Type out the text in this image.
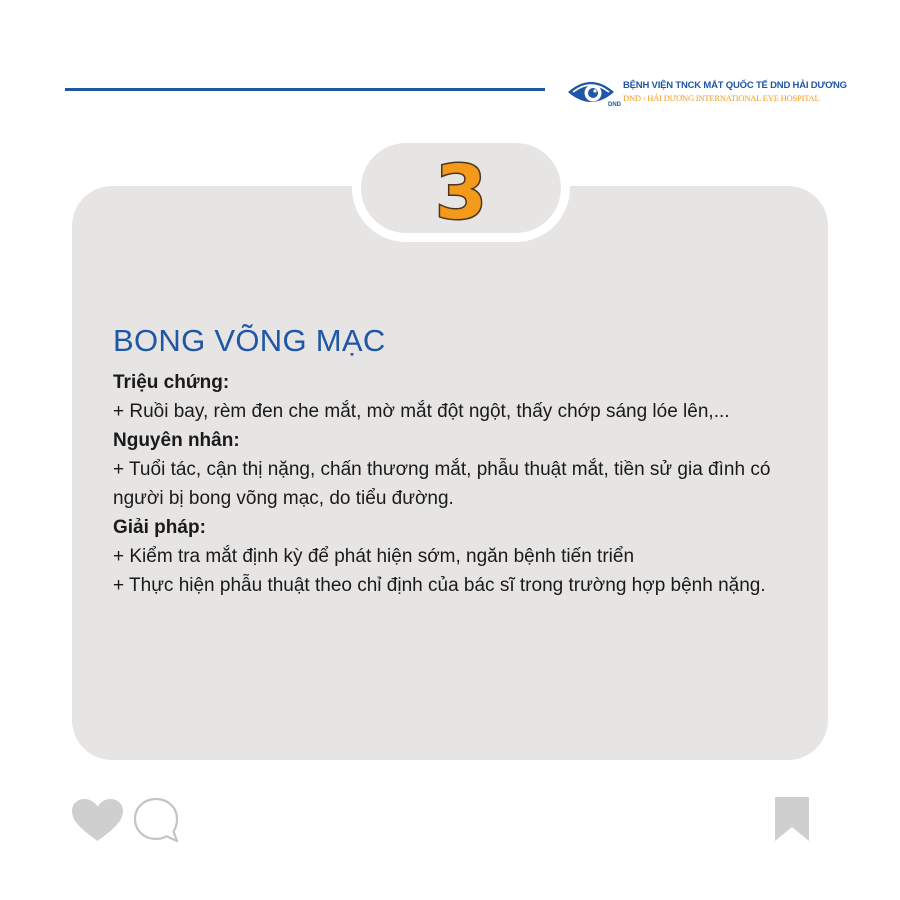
DND
BỆNH VIỆN TNCK MẮT QUỐC TẾ DND HẢI DƯƠNG
DND - HẢI DƯƠNG INTERNATIONAL EYE HOSPITAL
3
BONG VÕNG MẠC

Triệu chứng:

+ Ruồi bay, rèm đen che mắt, mờ mắt đột ngột, thấy chớp sáng lóe lên,...

Nguyên nhân:

+ Tuổi tác, cận thị nặng, chấn thương mắt, phẫu thuật mắt, tiền sử gia đình có người bị bong võng mạc, do tiểu đường.

Giải pháp:

+ Kiểm tra mắt định kỳ để phát hiện sớm, ngăn bệnh tiến triển

+ Thực hiện phẫu thuật theo chỉ định của bác sĩ trong trường hợp bệnh nặng.
